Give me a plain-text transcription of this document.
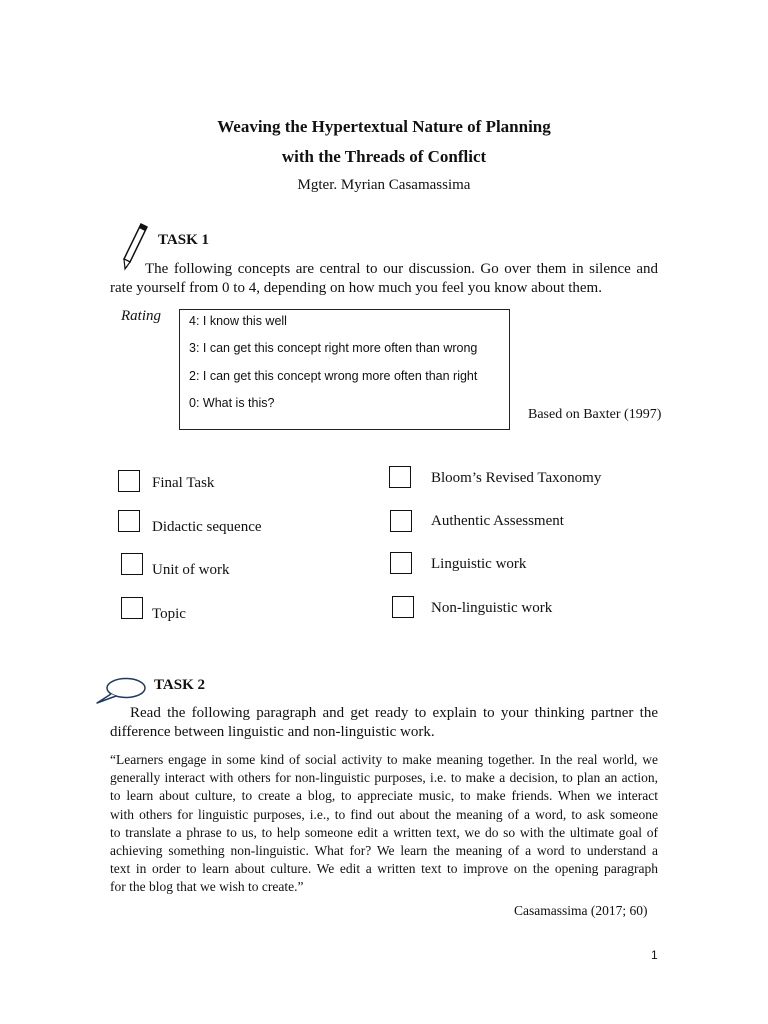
Weaving the Hypertextual Nature of Planning
with the Threads of Conflict
Mgter. Myrian Casamassima
TASK 1
The following concepts are central to our discussion. Go over them in silence and
rate yourself from 0 to 4, depending on how much you feel you know about them.
Rating 4: I know this well
3: I can get this concept right more often than wrong
2: I can get this concept wrong more often than right
0: What is this?
Based on Baxter (1997)
Final Task
Didactic sequence
Unit of work
Topic
Bloom’s Revised Taxonomy
Authentic Assessment
Linguistic work
Non-linguistic work
TASK 2
Read the following paragraph and get ready to explain to your thinking partner the
difference between linguistic and non-linguistic work.
“Learners engage in some kind of social activity to make meaning together. In the real world, we
generally interact with others for non-linguistic purposes, i.e. to make a decision, to plan an action,
to learn about culture, to create a blog, to appreciate music, to make friends. When we interact
with others for linguistic purposes, i.e., to find out about the meaning of a word, to ask someone
to translate a phrase to us, to help someone edit a written text, we do so with the ultimate goal of
achieving something non-linguistic. What for? We learn the meaning of a word to understand a
text in order to learn about culture. We edit a written text to improve on the opening paragraph
for the blog that we wish to create.”
Casamassima (2017; 60)
1
